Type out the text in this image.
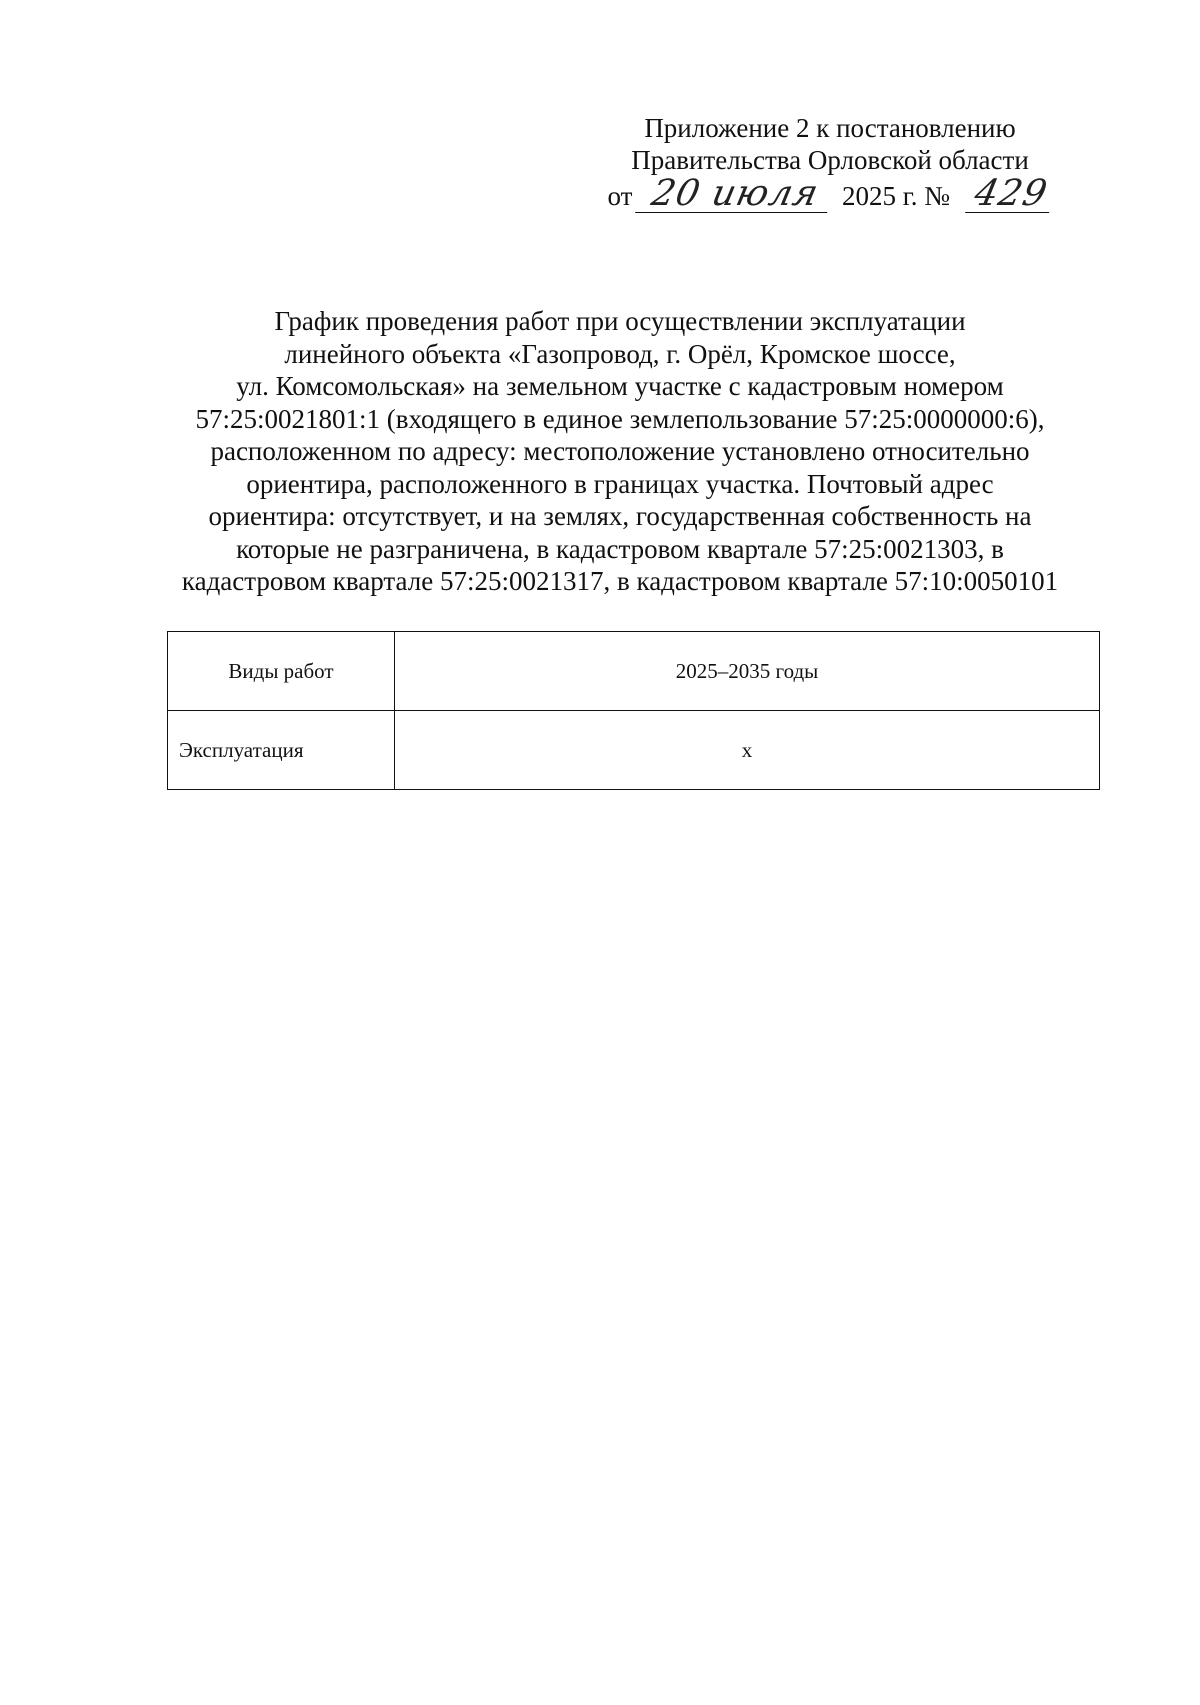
Приложение 2 к постановлению
Правительства Орловской области
от 20 июля 2025 г. № 429
График проведения работ при осуществлении эксплуатации
линейного объекта «Газопровод, г. Орёл, Кромское шоссе,
ул. Комсомольская» на земельном участке с кадастровым номером
57:25:0021801:1 (входящего в единое землепользование 57:25:0000000:6),
расположенном по адресу: местоположение установлено относительно
ориентира, расположенного в границах участка. Почтовый адрес
ориентира: отсутствует, и на землях, государственная собственность на
которые не разграничена, в кадастровом квартале 57:25:0021303, в
кадастровом квартале 57:25:0021317, в кадастровом квартале 57:10:0050101
Виды работ	2025–2035 годы
Эксплуатация	х
